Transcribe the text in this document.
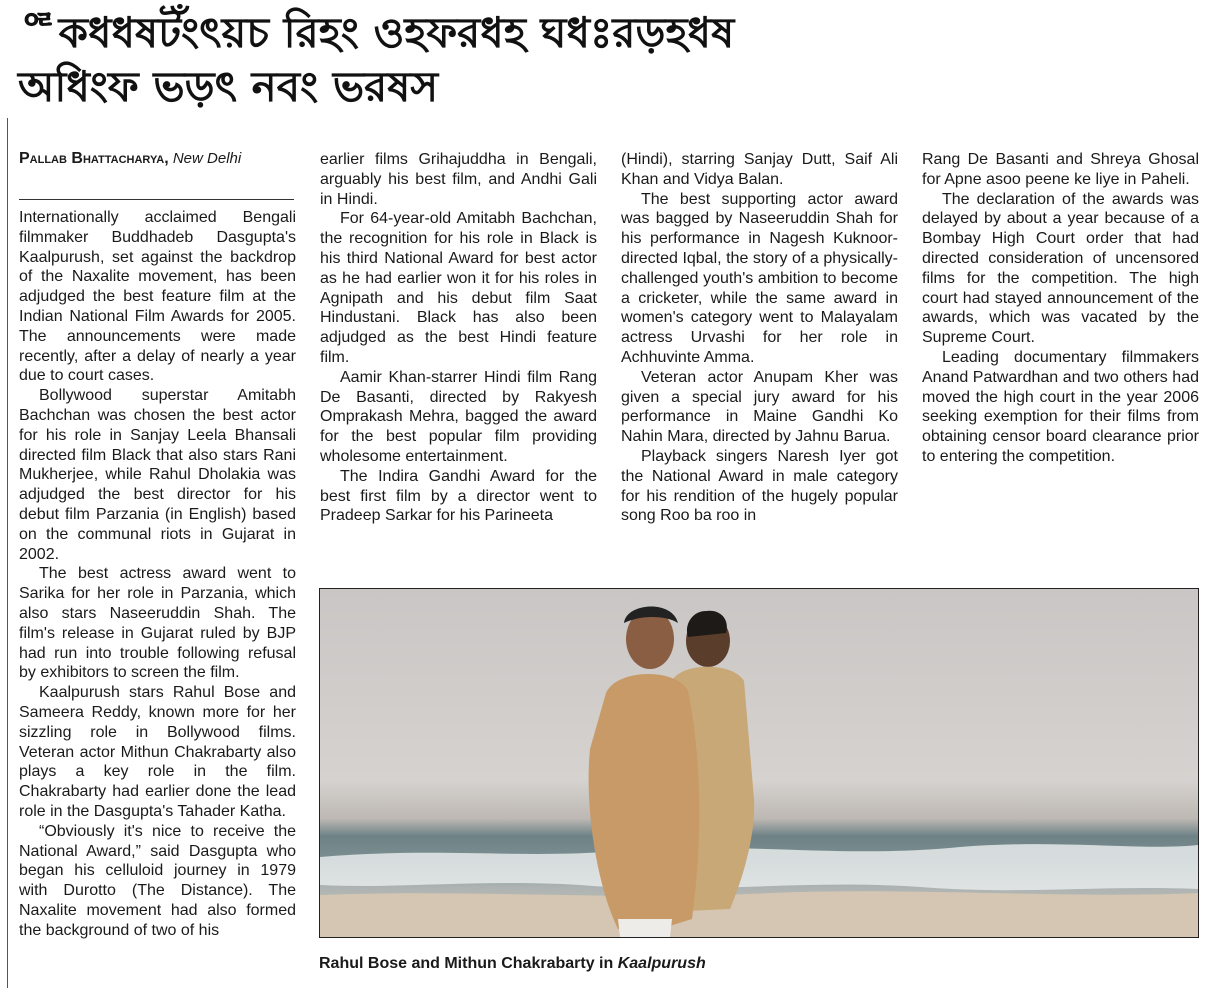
ꥶকধধষটঁংৎয়চ রিহং ওহফরধহ ঘধঃরড়হধষ
অধিংফ ভড়ৎ নবং ভরষস
Pallab Bhattacharya, New Delhi

Internationally acclaimed Bengali filmmaker Buddhadeb Dasgupta's Kaalpurush, set against the backdrop of the Naxalite movement, has been adjudged the best feature film at the Indian National Film Awards for 2005. The announcements were made recently, after a delay of nearly a year due to court cases.

Bollywood superstar Amitabh Bachchan was chosen the best actor for his role in Sanjay Leela Bhansali directed film Black that also stars Rani Mukherjee, while Rahul Dholakia was adjudged the best director for his debut film Parzania (in English) based on the communal riots in Gujarat in 2002.

The best actress award went to Sarika for her role in Parzania, which also stars Naseeruddin Shah. The film's release in Gujarat ruled by BJP had run into trouble following refusal by exhibitors to screen the film.

Kaalpurush stars Rahul Bose and Sameera Reddy, known more for her sizzling role in Bollywood films. Veteran actor Mithun Chakrabarty also plays a key role in the film. Chakrabarty had earlier done the lead role in the Dasgupta's Tahader Katha.

“Obviously it's nice to receive the National Award,” said Dasgupta who began his celluloid journey in 1979 with Durotto (The Distance). The Naxalite movement had also formed the background of two of his

earlier films Grihajuddha in Bengali, arguably his best film, and Andhi Gali in Hindi.

For 64-year-old Amitabh Bachchan, the recognition for his role in Black is his third National Award for best actor as he had earlier won it for his roles in Agnipath and his debut film Saat Hindustani. Black has also been adjudged as the best Hindi feature film.

Aamir Khan-starrer Hindi film Rang De Basanti, directed by Rakyesh Omprakash Mehra, bagged the award for the best popular film providing wholesome entertainment.

The Indira Gandhi Award for the best first film by a director went to Pradeep Sarkar for his Parineeta

(Hindi), starring Sanjay Dutt, Saif Ali Khan and Vidya Balan.

The best supporting actor award was bagged by Naseeruddin Shah for his performance in Nagesh Kuknoor-directed Iqbal, the story of a physically-challenged youth's ambition to become a cricketer, while the same award in women's category went to Malayalam actress Urvashi for her role in Achhuvinte Amma.

Veteran actor Anupam Kher was given a special jury award for his performance in Maine Gandhi Ko Nahin Mara, directed by Jahnu Barua.

Playback singers Naresh Iyer got the National Award in male category for his rendition of the hugely popular song Roo ba roo in

Rang De Basanti and Shreya Ghosal for Apne asoo peene ke liye in Paheli.

The declaration of the awards was delayed by about a year because of a Bombay High Court order that had directed consideration of uncensored films for the competition. The high court had stayed announcement of the awards, which was vacated by the Supreme Court.

Leading documentary filmmakers Anand Patwardhan and two others had moved the high court in the year 2006 seeking exemption for their films from obtaining censor board clearance prior to entering the competition.

Rahul Bose and Mithun Chakrabarty in Kaalpurush
